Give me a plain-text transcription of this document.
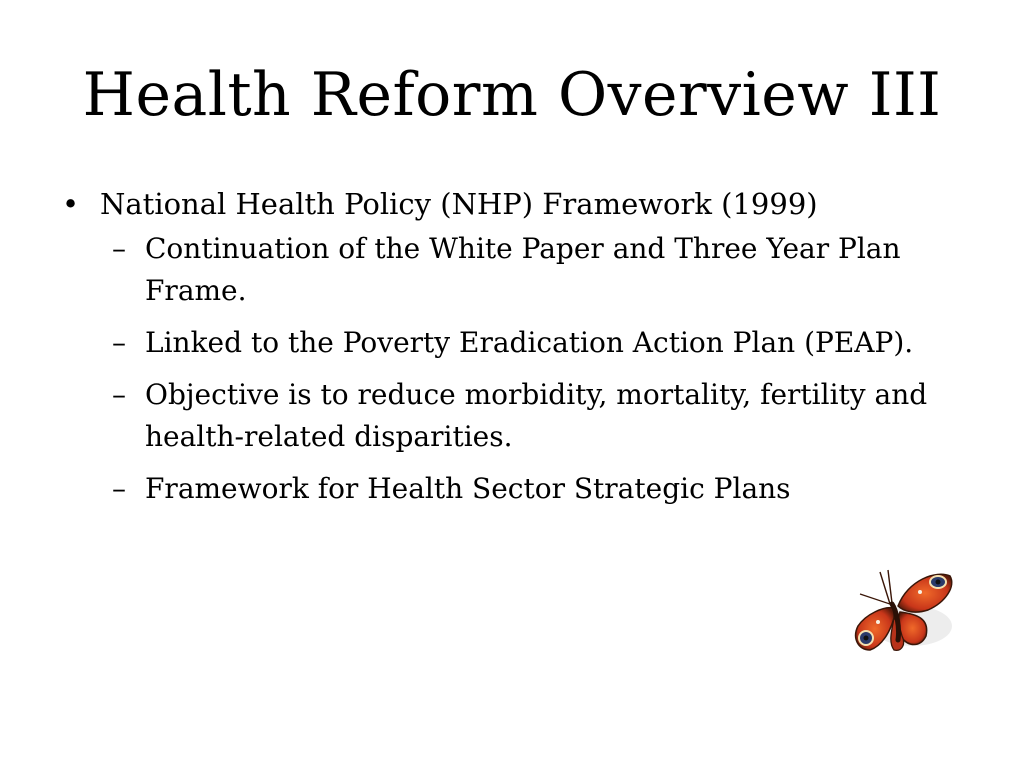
Health Reform Overview III
• National Health Policy (NHP) Framework (1999)
– Continuation of the White Paper and Three Year Plan Frame.
– Linked to the Poverty Eradication Action Plan (PEAP).
– Objective is to reduce morbidity, mortality, fertility and health-related disparities.
– Framework for Health Sector Strategic Plans
